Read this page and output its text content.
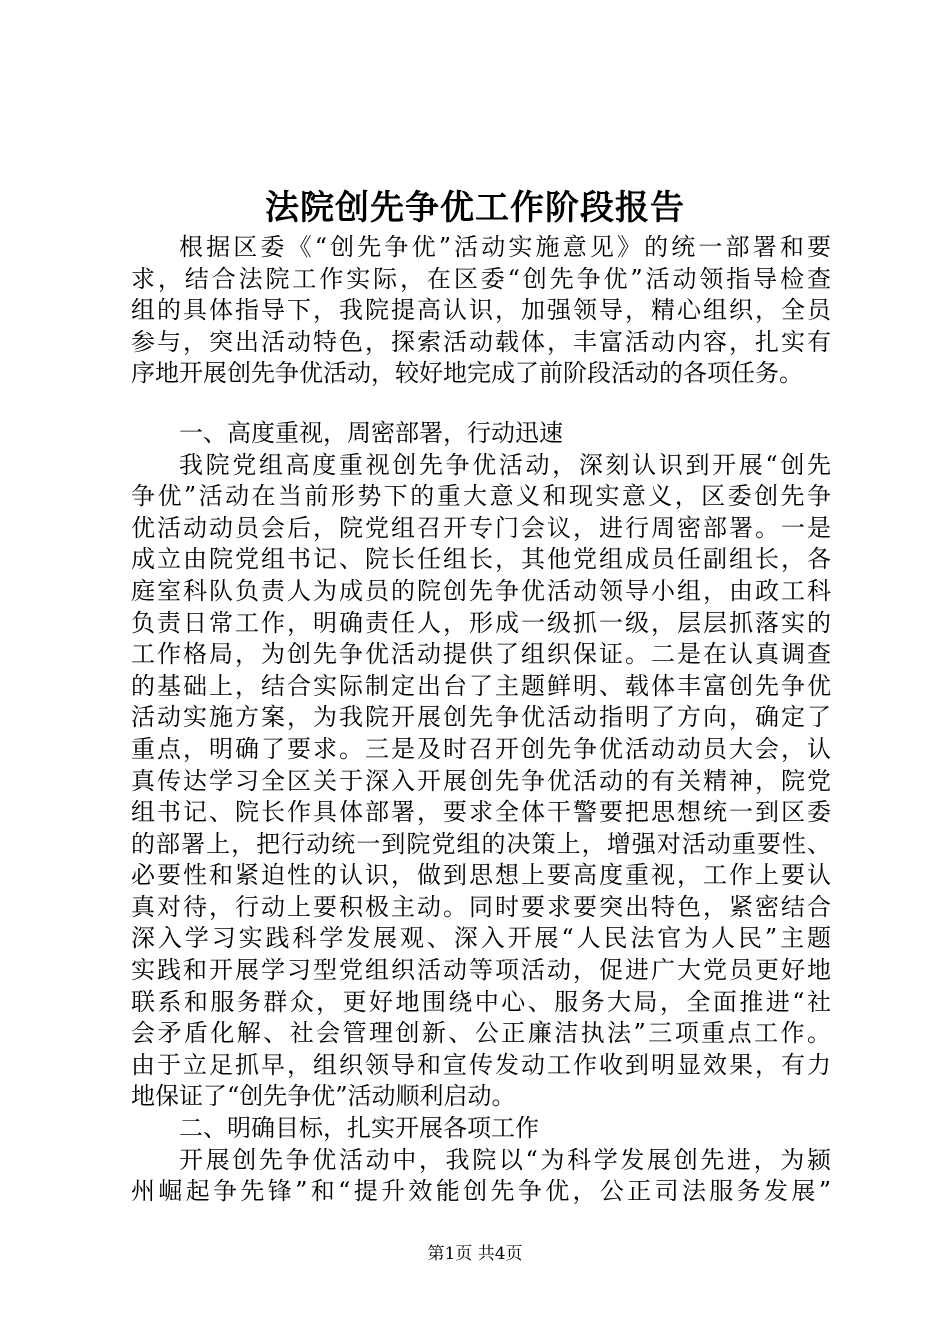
法院创先争优工作阶段报告
根据区委《“创先争优”活动实施意见》的统一部署和要
求，结合法院工作实际，在区委“创先争优”活动领指导检查
组的具体指导下，我院提高认识，加强领导，精心组织，全员
参与，突出活动特色，探索活动载体，丰富活动内容，扎实有
序地开展创先争优活动，较好地完成了前阶段活动的各项任务。
一、高度重视，周密部署，行动迅速
我院党组高度重视创先争优活动，深刻认识到开展“创先
争优”活动在当前形势下的重大意义和现实意义，区委创先争
优活动动员会后，院党组召开专门会议，进行周密部署。一是
成立由院党组书记、院长任组长，其他党组成员任副组长，各
庭室科队负责人为成员的院创先争优活动领导小组，由政工科
负责日常工作，明确责任人，形成一级抓一级，层层抓落实的
工作格局，为创先争优活动提供了组织保证。二是在认真调查
的基础上，结合实际制定出台了主题鲜明、载体丰富创先争优
活动实施方案，为我院开展创先争优活动指明了方向，确定了
重点，明确了要求。三是及时召开创先争优活动动员大会，认
真传达学习全区关于深入开展创先争优活动的有关精神，院党
组书记、院长作具体部署，要求全体干警要把思想统一到区委
的部署上，把行动统一到院党组的决策上，增强对活动重要性、
必要性和紧迫性的认识，做到思想上要高度重视，工作上要认
真对待，行动上要积极主动。同时要求要突出特色，紧密结合
深入学习实践科学发展观、深入开展“人民法官为人民”主题
实践和开展学习型党组织活动等项活动，促进广大党员更好地
联系和服务群众，更好地围绕中心、服务大局，全面推进“社
会矛盾化解、社会管理创新、公正廉洁执法”三项重点工作。
由于立足抓早，组织领导和宣传发动工作收到明显效果，有力
地保证了“创先争优”活动顺利启动。
二、明确目标，扎实开展各项工作
开展创先争优活动中，我院以“为科学发展创先进，为颍
州崛起争先锋”和“提升效能创先争优，公正司法服务发展”
第1页 共4页
